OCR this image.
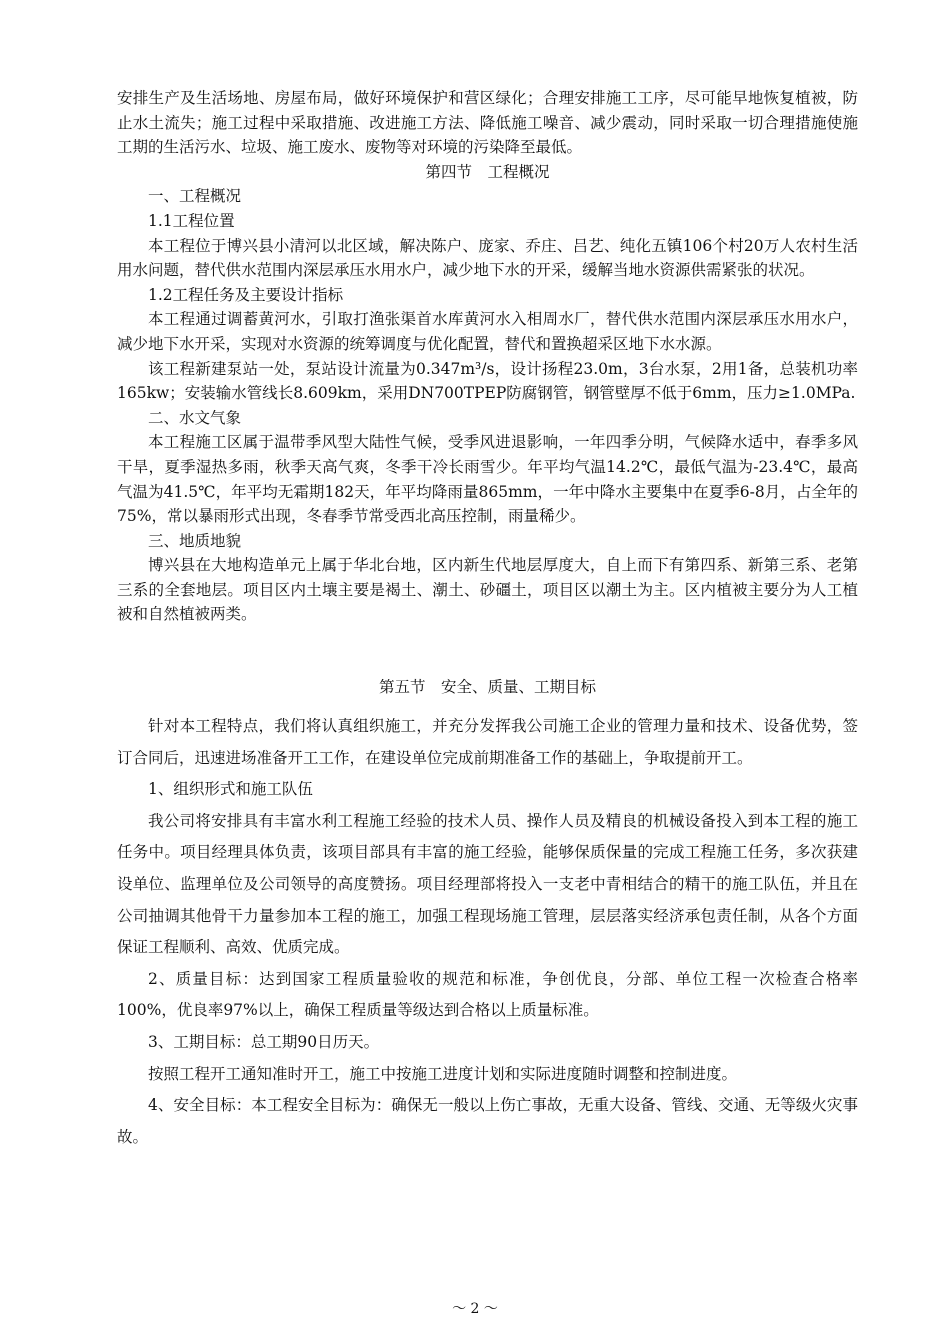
安排生产及生活场地、房屋布局，做好环境保护和营区绿化；合理安排施工工序，尽可能早地恢复植被，防止水土流失；施工过程中采取措施、改进施工方法、降低施工噪音、减少震动，同时采取一切合理措施使施工期的生活污水、垃圾、施工废水、废物等对环境的污染降至最低。

第四节　工程概况

一、工程概况

1.1工程位置

本工程位于博兴县小清河以北区域，解决陈户、庞家、乔庄、吕艺、纯化五镇106个村20万人农村生活用水问题，替代供水范围内深层承压水用水户，减少地下水的开采，缓解当地水资源供需紧张的状况。

1.2工程任务及主要设计指标

本工程通过调蓄黄河水，引取打渔张渠首水库黄河水入相周水厂，替代供水范围内深层承压水用水户，减少地下水开采，实现对水资源的统筹调度与优化配置，替代和置换超采区地下水水源。

该工程新建泵站一处，泵站设计流量为0.347m³/s，设计扬程23.0m，3台水泵，2用1备，总装机功率165kw；安装输水管线长8.609km，采用DN700TPEP防腐钢管，钢管壁厚不低于6mm，压力≥1.0MPa.

二、水文气象

本工程施工区属于温带季风型大陆性气候，受季风进退影响，一年四季分明，气候降水适中，春季多风干旱，夏季湿热多雨，秋季天高气爽，冬季干冷长雨雪少。年平均气温14.2℃，最低气温为-23.4℃，最高气温为41.5℃，年平均无霜期182天，年平均降雨量865mm，一年中降水主要集中在夏季6-8月，占全年的75%，常以暴雨形式出现，冬春季节常受西北高压控制，雨量稀少。

三、地质地貌

博兴县在大地构造单元上属于华北台地，区内新生代地层厚度大，自上而下有第四系、新第三系、老第三系的全套地层。项目区内土壤主要是褐土、潮土、砂礓土，项目区以潮土为主。区内植被主要分为人工植被和自然植被两类。

第五节　安全、质量、工期目标

针对本工程特点，我们将认真组织施工，并充分发挥我公司施工企业的管理力量和技术、设备优势，签订合同后，迅速进场准备开工工作，在建设单位完成前期准备工作的基础上，争取提前开工。

1、组织形式和施工队伍

我公司将安排具有丰富水利工程施工经验的技术人员、操作人员及精良的机械设备投入到本工程的施工任务中。项目经理具体负责，该项目部具有丰富的施工经验，能够保质保量的完成工程施工任务，多次获建设单位、监理单位及公司领导的高度赞扬。项目经理部将投入一支老中青相结合的精干的施工队伍，并且在公司抽调其他骨干力量参加本工程的施工，加强工程现场施工管理，层层落实经济承包责任制，从各个方面保证工程顺利、高效、优质完成。

2、质量目标：达到国家工程质量验收的规范和标准，争创优良，分部、单位工程一次检查合格率100%，优良率97%以上，确保工程质量等级达到合格以上质量标准。

3、工期目标：总工期90日历天。

按照工程开工通知准时开工，施工中按施工进度计划和实际进度随时调整和控制进度。

4、安全目标：本工程安全目标为：确保无一般以上伤亡事故，无重大设备、管线、交通、无等级火灾事故。

～ 2 ～
